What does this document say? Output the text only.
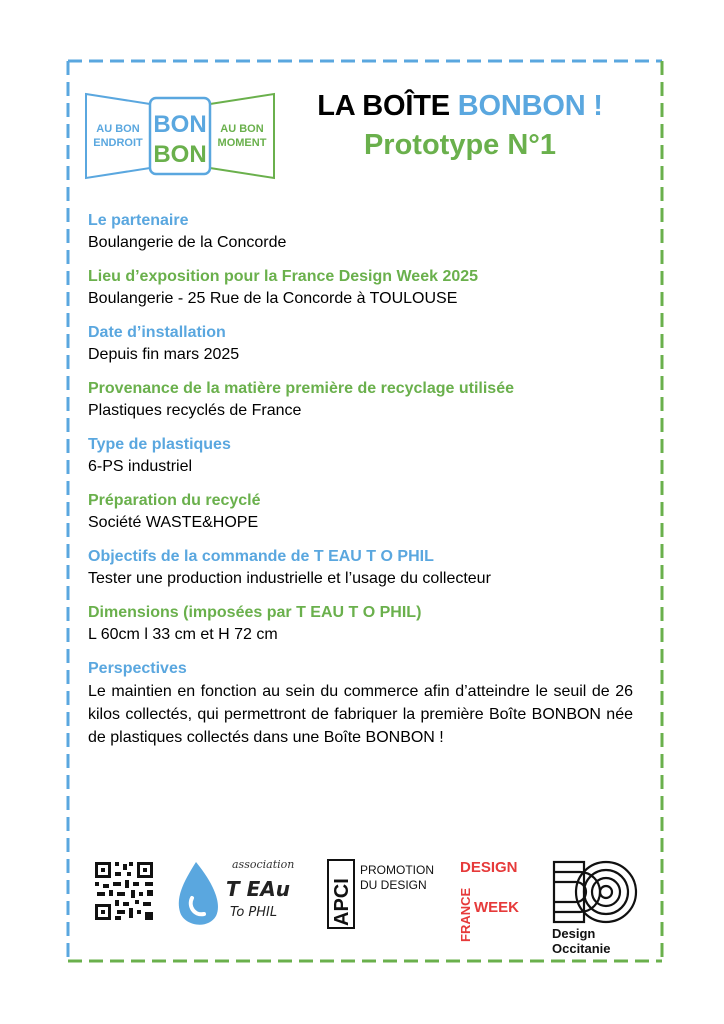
AU BON
ENDROIT
BON
BON
AU BON
MOMENT
LA BOÎTE BONBON !
Prototype N°1
Le partenaire
Boulangerie de la Concorde
Lieu d’exposition pour la France Design Week 2025
Boulangerie - 25 Rue de la Concorde à TOULOUSE
Date d’installation
Depuis fin mars 2025
Provenance de la matière première de recyclage utilisée
Plastiques recyclés de France
Type de plastiques
6-PS industriel
Préparation du recyclé
Société WASTE&HOPE
Objectifs de la commande de T EAU T O PHIL
Tester une production industrielle et l’usage du collecteur
Dimensions (imposées par T EAU T O PHIL)
L 60cm l 33 cm et H 72 cm
Perspectives
Le maintien en fonction au sein du commerce afin d’atteindre le seuil de 26 kilos collectés, qui permettront de fabriquer la première Boîte BONBON née de plastiques collectés dans une Boîte BONBON !
association
T EAu
To PHIL	APCI
PROMOTION
DU DESIGN
DESIGN
FRANCE WEEK
Design
Occitanie
